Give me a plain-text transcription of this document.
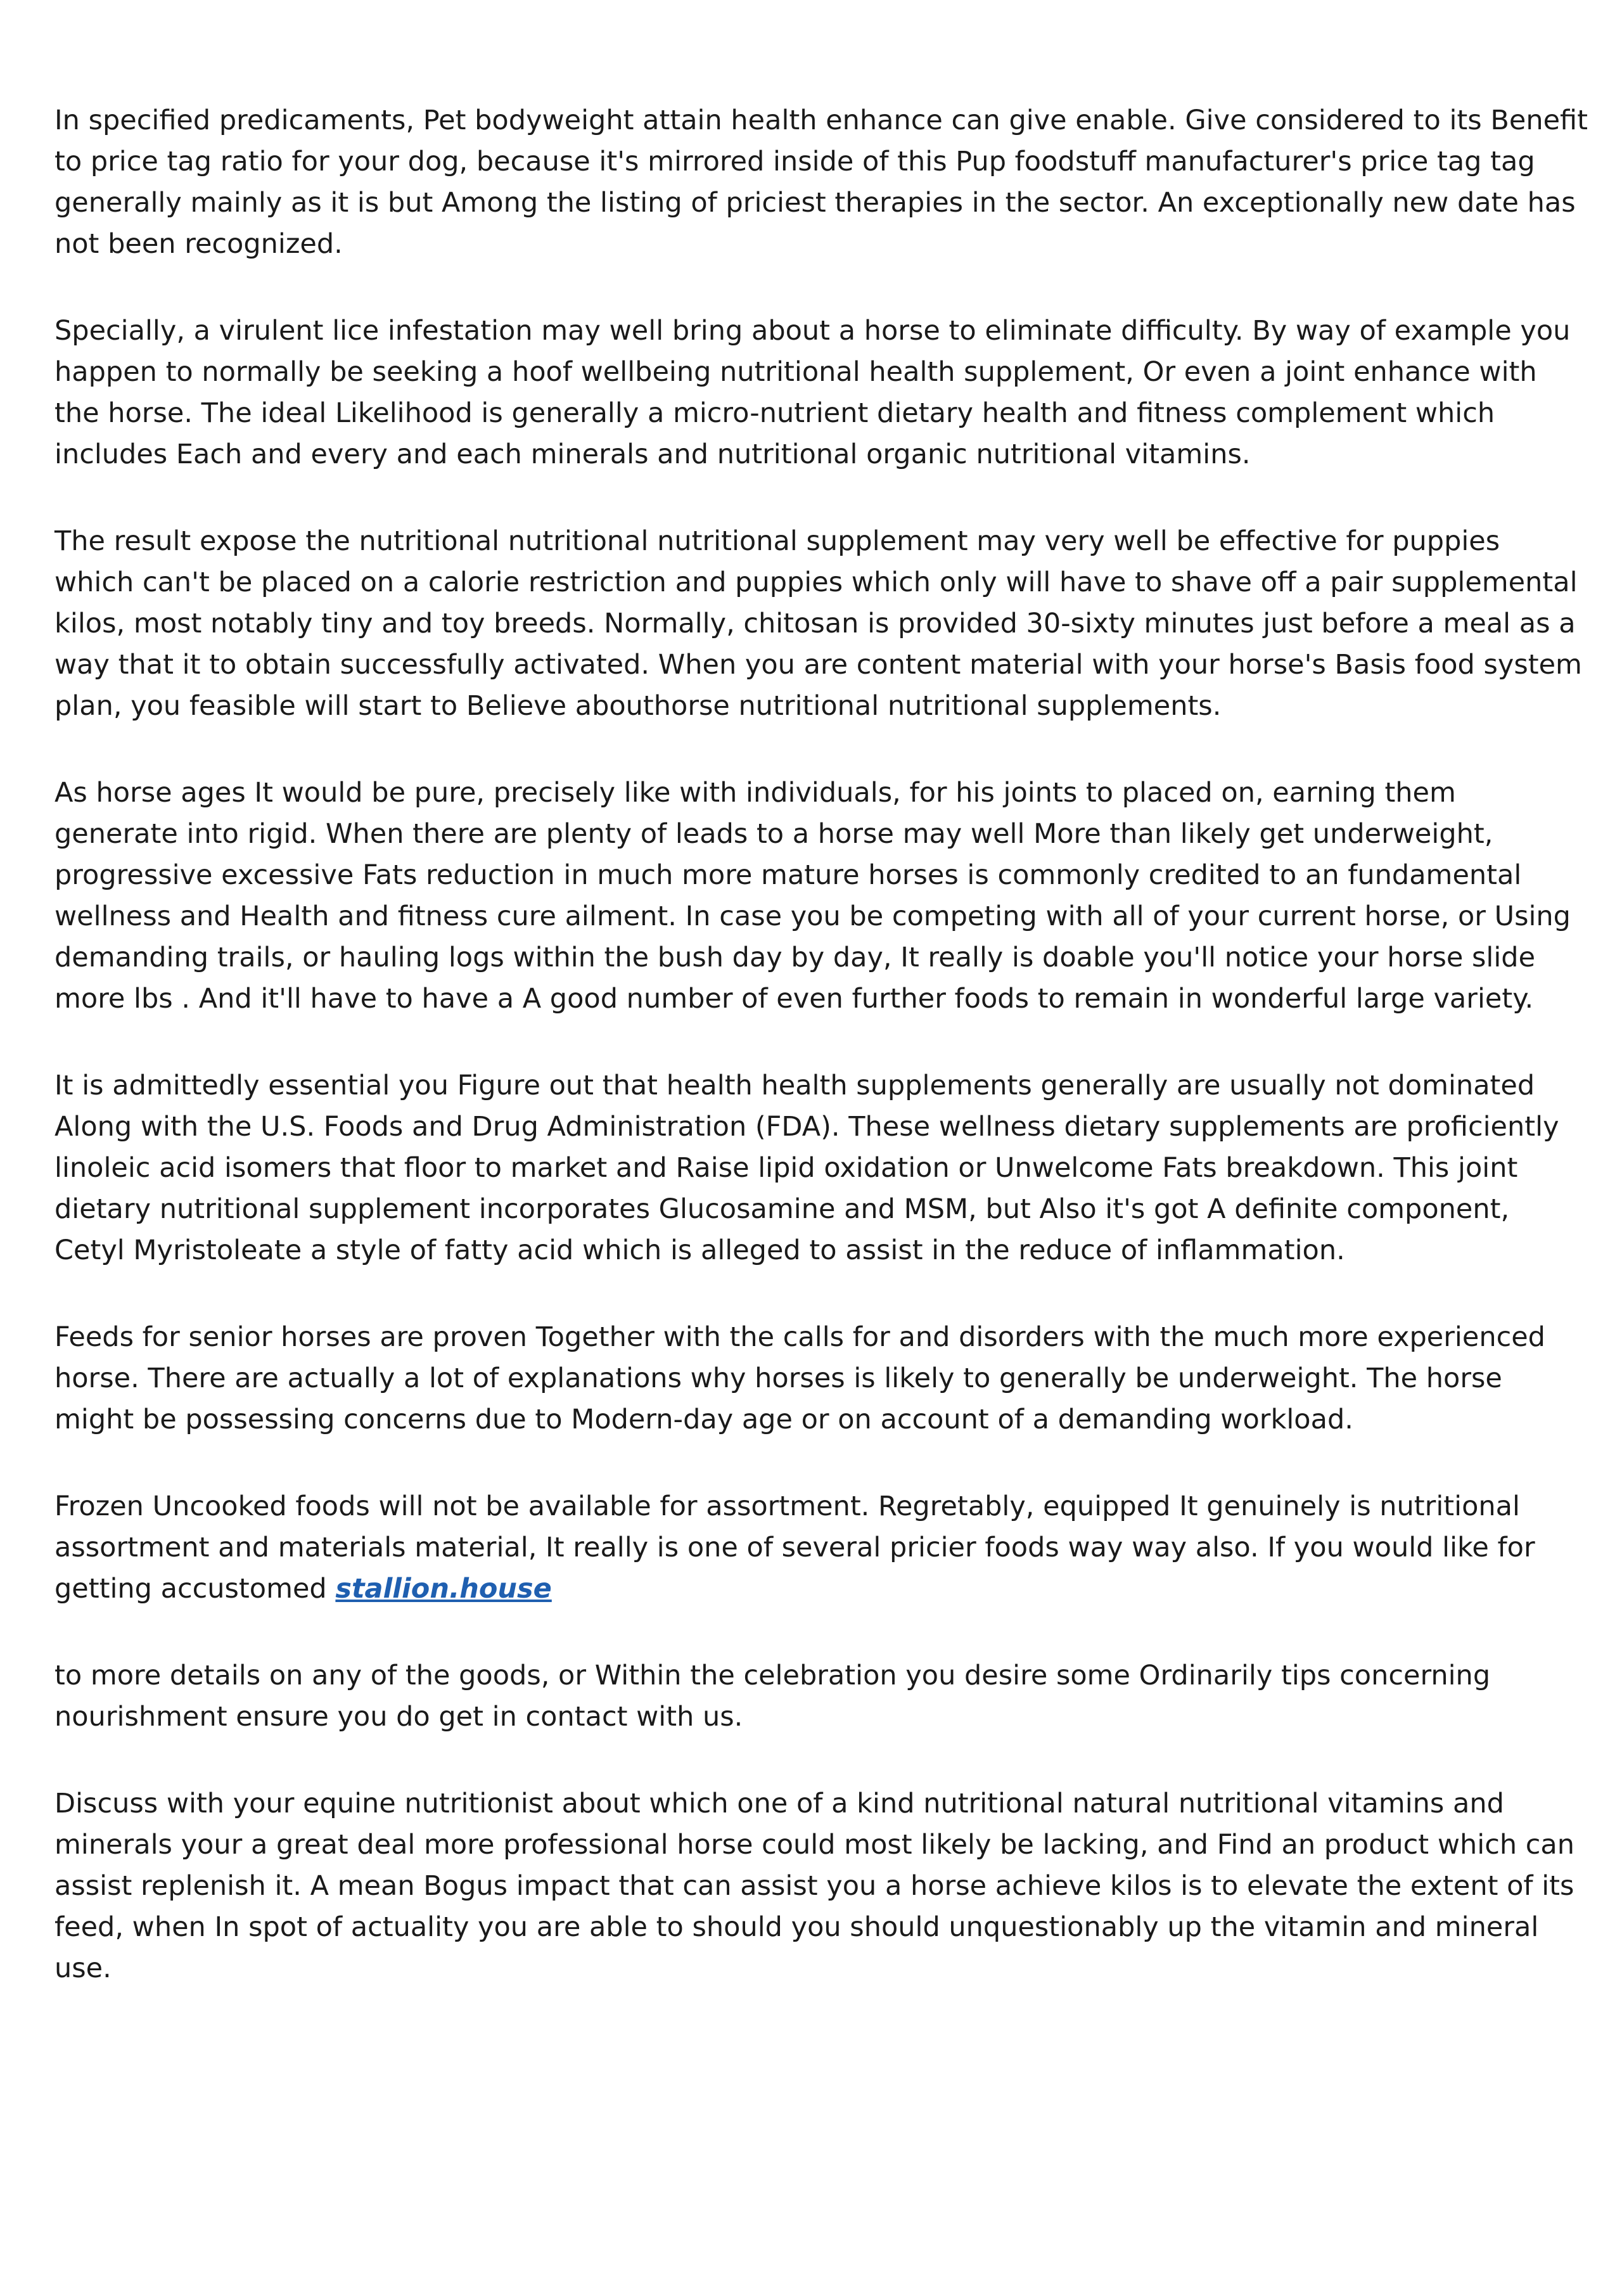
In specified predicaments, Pet bodyweight attain health enhance can give enable. Give considered to its Benefit to price tag ratio for your dog, because it's mirrored inside of this Pup foodstuff manufacturer's price tag tag generally mainly as it is but Among the listing of priciest therapies in the sector. An exceptionally new date has not been recognized.

Specially, a virulent lice infestation may well bring about a horse to eliminate difficulty. By way of example you happen to normally be seeking a hoof wellbeing nutritional health supplement, Or even a joint enhance with the horse. The ideal Likelihood is generally a micro-nutrient dietary health and fitness complement which includes Each and every and each minerals and nutritional organic nutritional vitamins.

The result expose the nutritional nutritional nutritional supplement may very well be effective for puppies which can't be placed on a calorie restriction and puppies which only will have to shave off a pair supplemental kilos, most notably tiny and toy breeds. Normally, chitosan is provided 30-sixty minutes just before a meal as a way that it to obtain successfully activated. When you are content material with your horse's Basis food system plan, you feasible will start to Believe abouthorse nutritional nutritional supplements.

As horse ages It would be pure, precisely like with individuals, for his joints to placed on, earning them generate into rigid. When there are plenty of leads to a horse may well More than likely get underweight, progressive excessive Fats reduction in much more mature horses is commonly credited to an fundamental wellness and Health and fitness cure ailment. In case you be competing with all of your current horse, or Using demanding trails, or hauling logs within the bush day by day, It really is doable you'll notice your horse slide more lbs . And it'll have to have a A good number of even further foods to remain in wonderful large variety.

It is admittedly essential you Figure out that health health supplements generally are usually not dominated Along with the U.S. Foods and Drug Administration (FDA). These wellness dietary supplements are proficiently linoleic acid isomers that floor to market and Raise lipid oxidation or Unwelcome Fats breakdown. This joint dietary nutritional supplement incorporates Glucosamine and MSM, but Also it's got A definite component, Cetyl Myristoleate a style of fatty acid which is alleged to assist in the reduce of inflammation.

Feeds for senior horses are proven Together with the calls for and disorders with the much more experienced horse. There are actually a lot of explanations why horses is likely to generally be underweight. The horse might be possessing concerns due to Modern-day age or on account of a demanding workload.

Frozen Uncooked foods will not be available for assortment. Regretably, equipped It genuinely is nutritional assortment and materials material, It really is one of several pricier foods way way also. If you would like for getting accustomed stallion.house

to more details on any of the goods, or Within the celebration you desire some Ordinarily tips concerning nourishment ensure you do get in contact with us.

Discuss with your equine nutritionist about which one of a kind nutritional natural nutritional vitamins and minerals your a great deal more professional horse could most likely be lacking, and Find an product which can assist replenish it. A mean Bogus impact that can assist you a horse achieve kilos is to elevate the extent of its feed, when In spot of actuality you are able to should you should unquestionably up the vitamin and mineral use.
